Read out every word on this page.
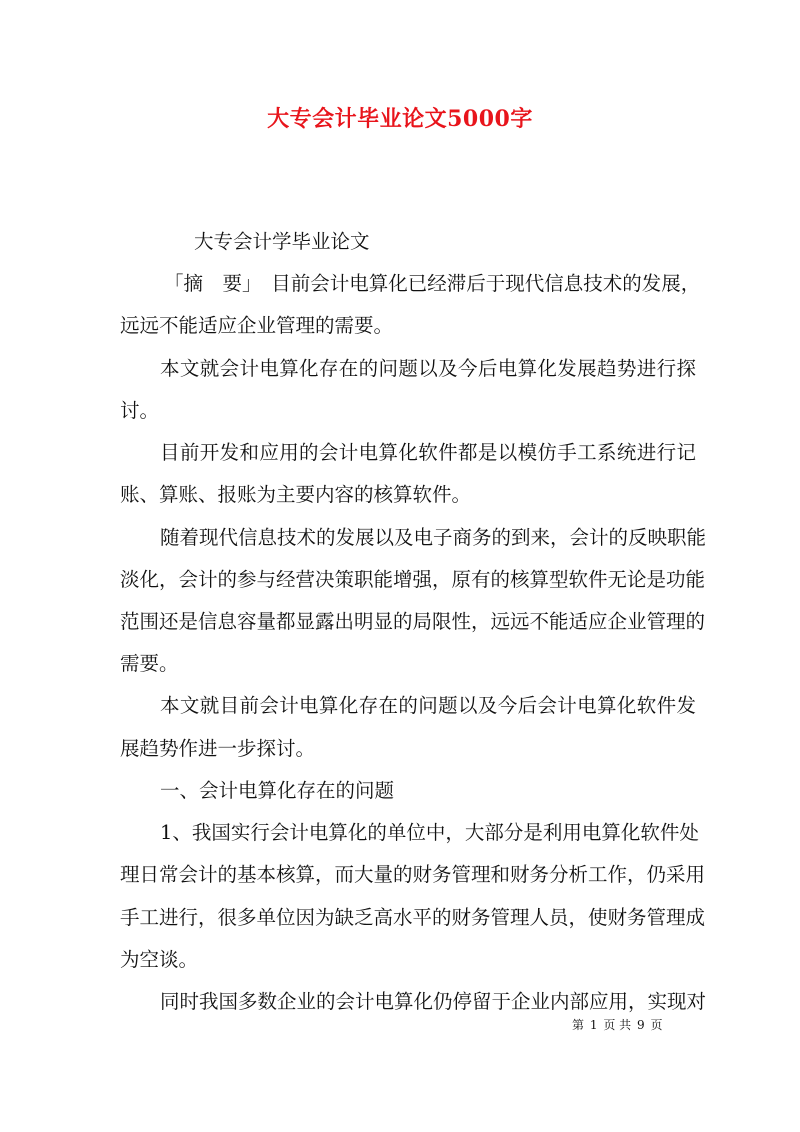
大专会计毕业论文5000字
大专会计学毕业论文
「摘　要」　目前会计电算化已经滞后于现代信息技术的发展，
远远不能适应企业管理的需要。
本文就会计电算化存在的问题以及今后电算化发展趋势进行探
讨。
目前开发和应用的会计电算化软件都是以模仿手工系统进行记
账、算账、报账为主要内容的核算软件。
随着现代信息技术的发展以及电子商务的到来，会计的反映职能
淡化，会计的参与经营决策职能增强，原有的核算型软件无论是功能
范围还是信息容量都显露出明显的局限性，远远不能适应企业管理的
需要。
本文就目前会计电算化存在的问题以及今后会计电算化软件发
展趋势作进一步探讨。
一、会计电算化存在的问题
1、我国实行会计电算化的单位中，大部分是利用电算化软件处
理日常会计的基本核算，而大量的财务管理和财务分析工作，仍采用
手工进行，很多单位因为缺乏高水平的财务管理人员，使财务管理成
为空谈。
同时我国多数企业的会计电算化仍停留于企业内部应用，实现对
第 1 页 共 9 页
